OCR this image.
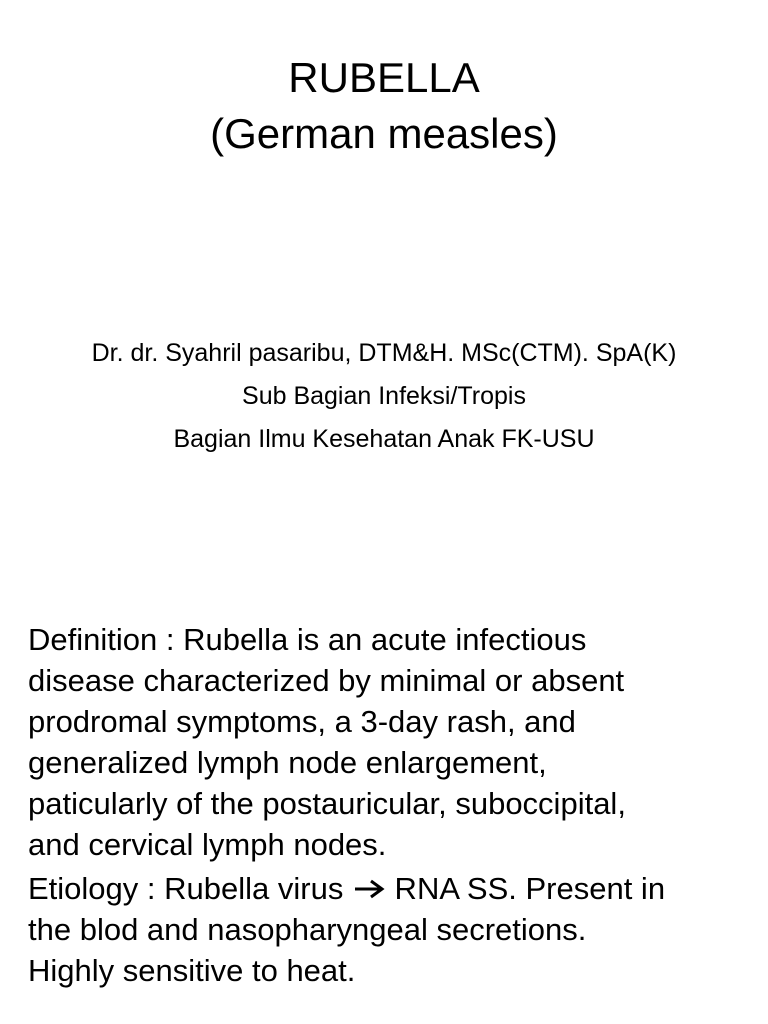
RUBELLA
(German measles)
Dr. dr. Syahril pasaribu, DTM&H. MSc(CTM). SpA(K)
Sub Bagian Infeksi/Tropis
Bagian Ilmu Kesehatan Anak FK-USU
Definition : Rubella is an acute infectious
disease characterized by minimal or absent
prodromal symptoms, a 3-day rash, and
generalized lymph node enlargement,
paticularly of the postauricular, suboccipital,
and cervical lymph nodes.
Etiology : Rubella virus  RNA SS. Present in
the blod and nasopharyngeal secretions.
Highly sensitive to heat.
